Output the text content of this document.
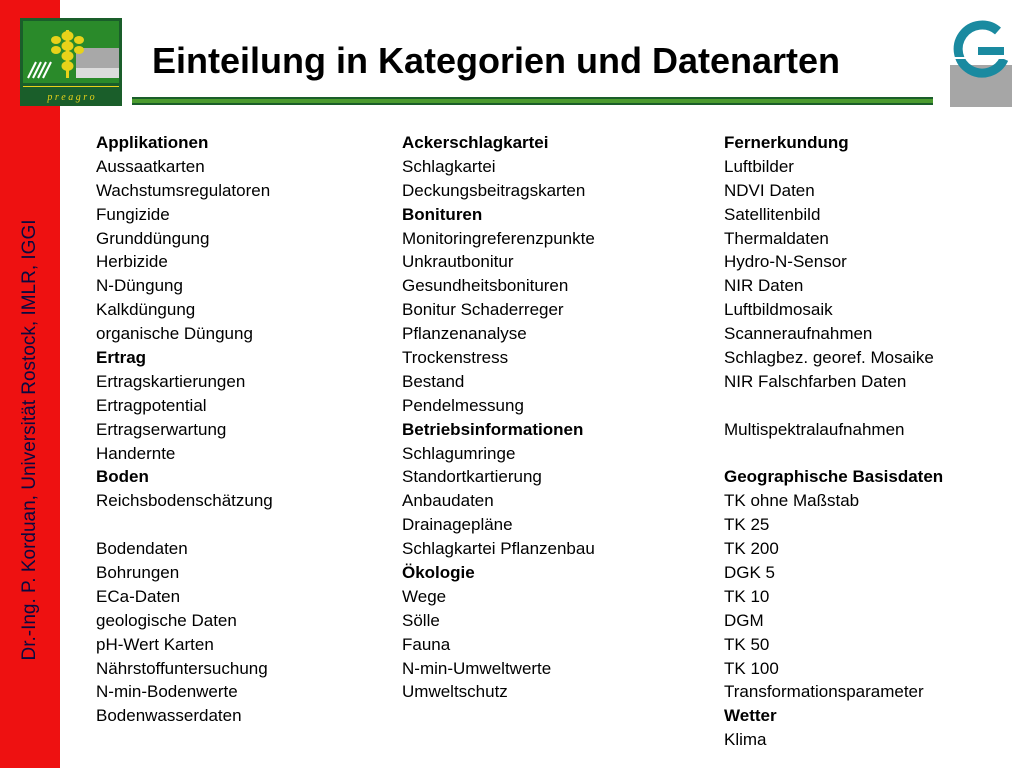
Dr.-Ing. P. Korduan, Universität Rostock, IMLR, IGGI
p r e a g r o
Einteilung in Kategorien und Datenarten
Applikationen
Aussaatkarten
Wachstumsregulatoren
Fungizide
Grunddüngung
Herbizide
N-Düngung
Kalkdüngung
organische Düngung
Ertrag
Ertragskartierungen
Ertragpotential
Ertragserwartung
Handernte
Boden
Reichsbodenschätzung
Bodendaten
Bohrungen
ECa-Daten
geologische Daten
pH-Wert Karten
Nährstoffuntersuchung
N-min-Bodenwerte
Bodenwasserdaten
Ackerschlagkartei
Schlagkartei
Deckungsbeitragskarten
Bonituren
Monitoringreferenzpunkte
Unkrautbonitur
Gesundheitsbonituren
Bonitur Schaderreger
Pflanzenanalyse
Trockenstress
Bestand
Pendelmessung
Betriebsinformationen
Schlagumringe
Standortkartierung
Anbaudaten
Drainagepläne
Schlagkartei Pflanzenbau
Ökologie
Wege
Sölle
Fauna
N-min-Umweltwerte
Umweltschutz
Fernerkundung
Luftbilder
NDVI Daten
Satellitenbild
Thermaldaten
Hydro-N-Sensor
NIR Daten
Luftbildmosaik
Scanneraufnahmen
Schlagbez. georef. Mosaike
NIR Falschfarben Daten
Multispektralaufnahmen
Geographische Basisdaten
TK ohne Maßstab
TK 25
TK 200
DGK 5
TK 10
DGM
TK 50
TK 100
Transformationsparameter
Wetter
Klima
